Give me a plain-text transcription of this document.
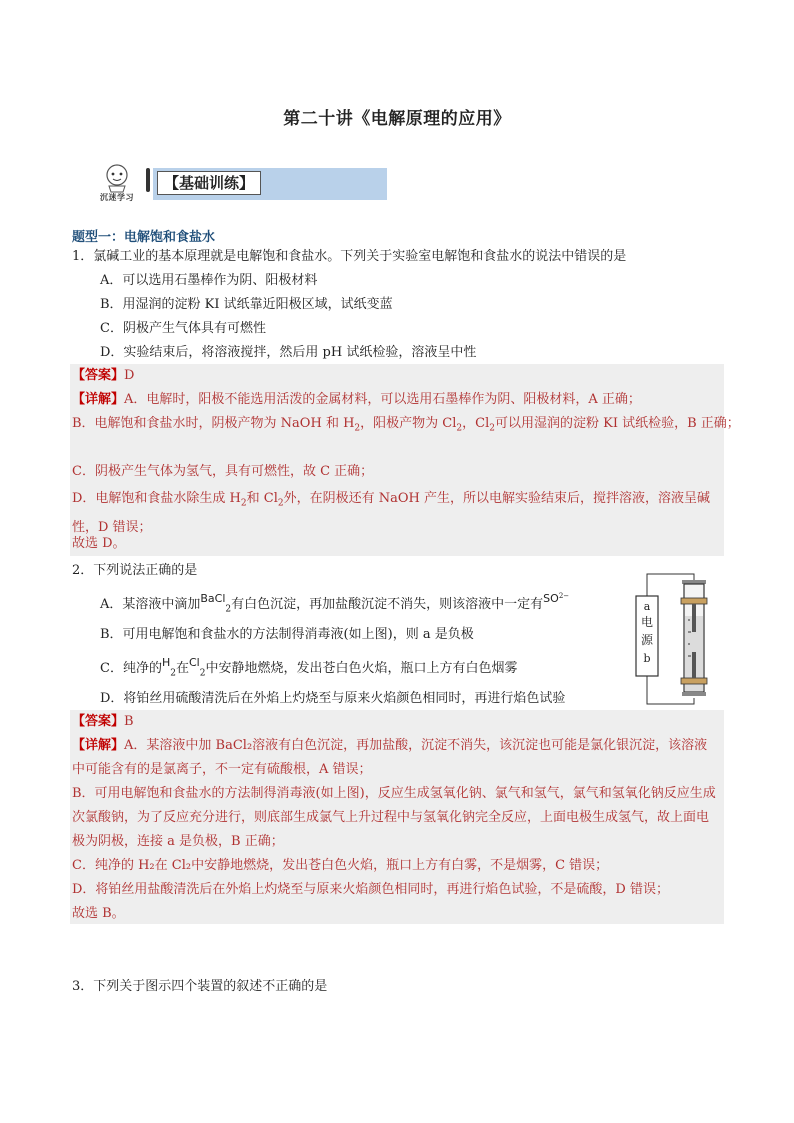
第二十讲《电解原理的应用》
沉迷学习
【基础训练】
题型一：电解饱和食盐水
1．氯碱工业的基本原理就是电解饱和食盐水。下列关于实验室电解饱和食盐水的说法中错误的是
A．可以选用石墨棒作为阴、阳极材料
B．用湿润的淀粉 KI 试纸靠近阳极区域，试纸变蓝
C．阴极产生气体具有可燃性
D．实验结束后，将溶液搅拌，然后用 pH 试纸检验，溶液呈中性
【答案】D
【详解】A．电解时，阳极不能选用活泼的金属材料，可以选用石墨棒作为阴、阳极材料，A 正确；
B．电解饱和食盐水时，阴极产物为 NaOH 和 $H_2$，阳极产物为 $Cl_2$，$Cl_2$可以用湿润的淀粉 KI 试纸检验，B 正确；
C．阴极产生气体为氢气，具有可燃性，故 C 正确；
D．电解饱和食盐水除生成 $H_2$和 $Cl_2$外，在阴极还有 NaOH 产生，所以电解实验结束后，搅拌溶液，溶液呈碱性，D 错误；
故选 D。
2．下列说法正确的是
A．某溶液中滴加$^{BaCl}_2$有白色沉淀，再加盐酸沉淀不消失，则该溶液中一定有$^{SO2-}$
B．可用电解饱和食盐水的方法制得消毒液(如上图)，则 a 是负极
C．纯净的$^H_2$在$^{Cl}_2$中安静地燃烧，发出苍白色火焰，瓶口上方有白色烟雾
D．将铂丝用硫酸清洗后在外焰上灼烧至与原来火焰颜色相同时，再进行焰色试验
a
电
源
b
【答案】B
【详解】A．某溶液中加 BaCl₂溶液有白色沉淀，再加盐酸，沉淀不消失，该沉淀也可能是氯化银沉淀，该溶液中可能含有的是氯离子，不一定有硫酸根，A 错误；
B．可用电解饱和食盐水的方法制得消毒液(如上图)，反应生成氢氧化钠、氯气和氢气，氯气和氢氧化钠反应生成次氯酸钠，为了反应充分进行，则底部生成氯气上升过程中与氢氧化钠完全反应，上面电极生成氢气，故上面电极为阴极，连接 a 是负极，B 正确；
C．纯净的 H₂在 Cl₂中安静地燃烧，发出苍白色火焰，瓶口上方有白雾，不是烟雾，C 错误；
D．将铂丝用盐酸清洗后在外焰上灼烧至与原来火焰颜色相同时，再进行焰色试验，不是硫酸，D 错误；
故选 B。
3．下列关于图示四个装置的叙述不正确的是
